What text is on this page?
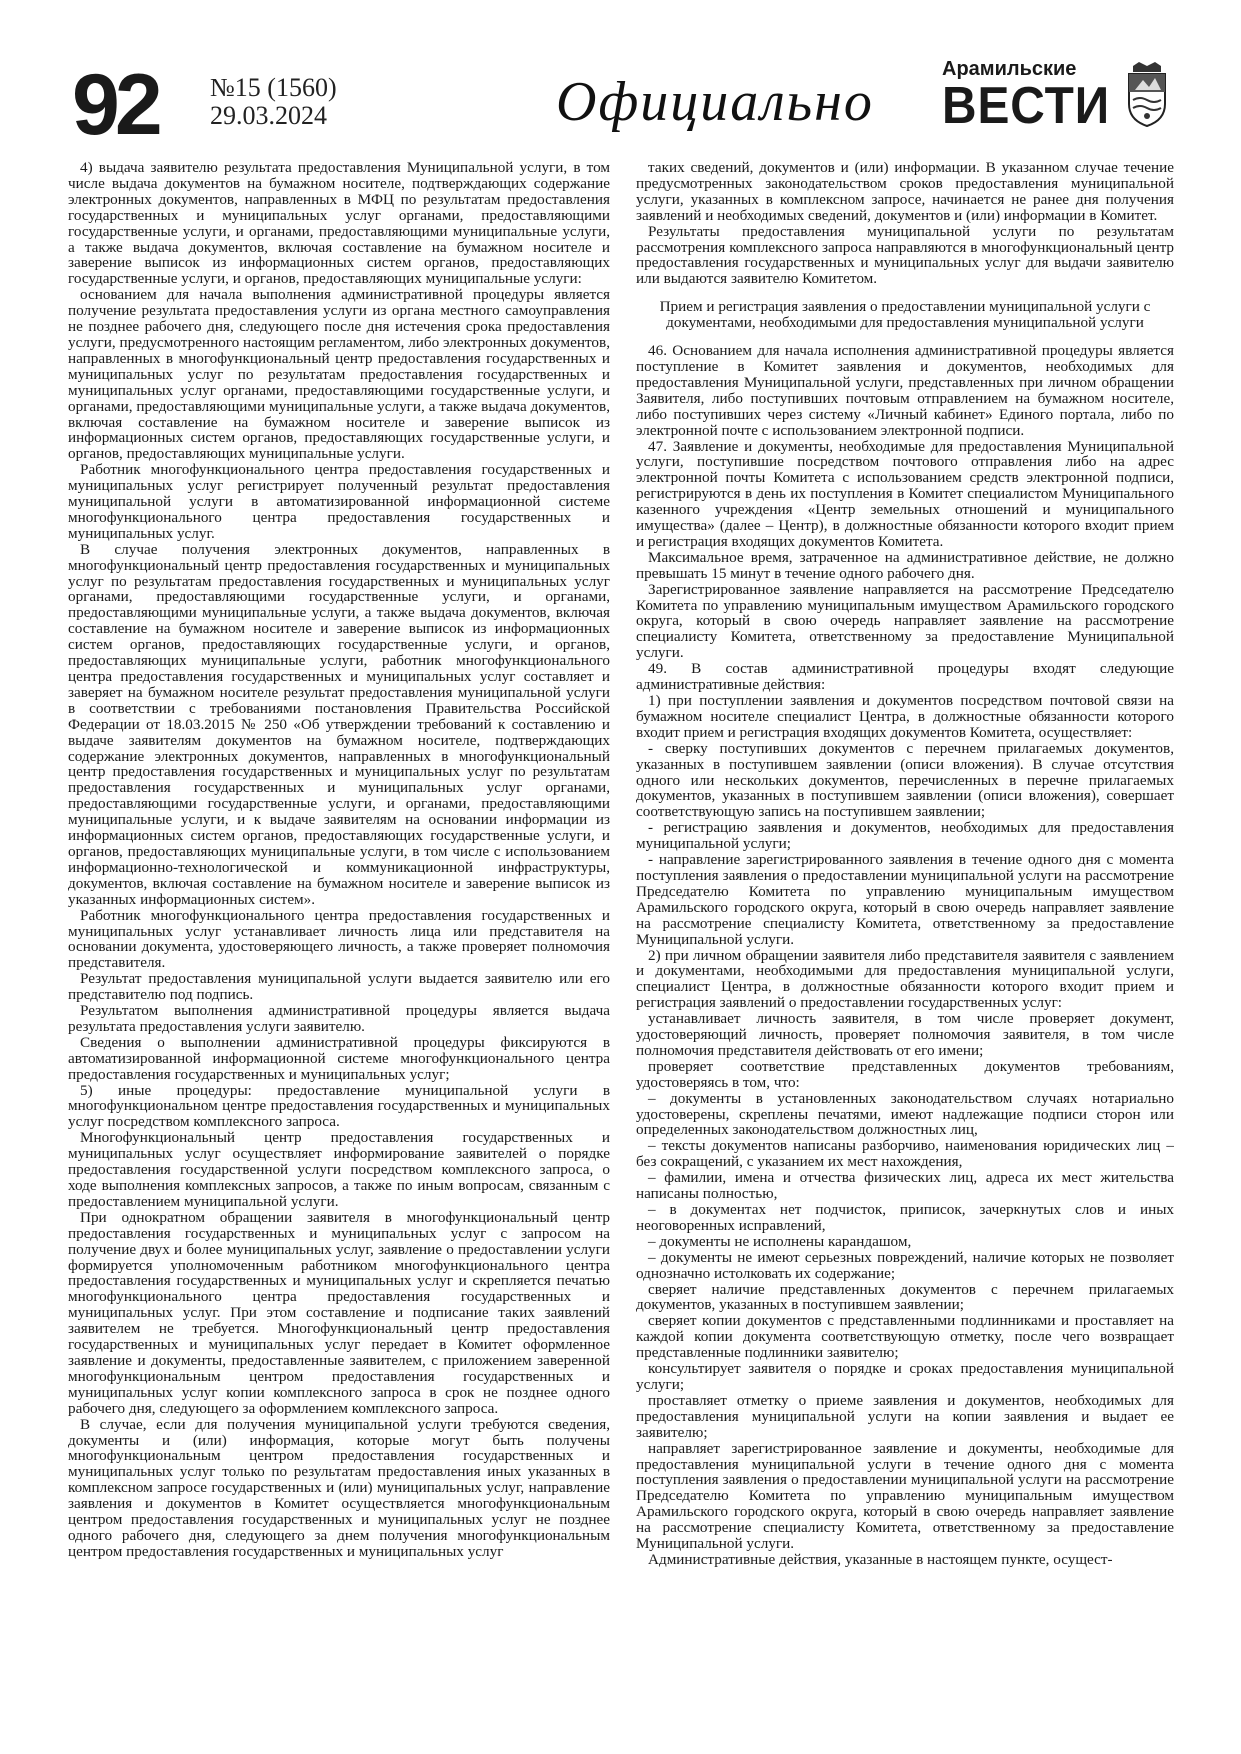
92 №15 (1560)
29.03.2024	Официально
Арамильские
ВЕСТИ

4) выдача заявителю результата предоставления Муниципальной услуги, в том числе выдача документов на бумажном носителе, подтверждающих содержание электронных документов, направленных в МФЦ по результатам предоставления государственных и муниципальных услуг органами, предоставляющими государственные услуги, и органами, предоставляющими муниципальные услуги, а также выдача документов, включая составление на бумажном носителе и заверение выписок из информационных систем органов, предоставляющих государственные услуги, и органов, предоставляющих муниципальные услуги:

основанием для начала выполнения административной процедуры является получение результата предоставления услуги из органа местного самоуправления не позднее рабочего дня, следующего после дня истечения срока предоставления услуги, предусмотренного настоящим регламентом, либо электронных документов, направленных в многофункциональный центр предоставления государственных и муниципальных услуг по результатам предоставления государственных и муниципальных услуг органами, предоставляющими государственные услуги, и органами, предоставляющими муниципальные услуги, а также выдача документов, включая составление на бумажном носителе и заверение выписок из информационных систем органов, предоставляющих государственные услуги, и органов, предоставляющих муниципальные услуги.

Работник многофункционального центра предоставления государственных и муниципальных услуг регистрирует полученный результат предоставления муниципальной услуги в автоматизированной информационной системе многофункционального центра предоставления государственных и муниципальных услуг.

В случае получения электронных документов, направленных в многофункциональный центр предоставления государственных и муниципальных услуг по результатам предоставления государственных и муниципальных услуг органами, предоставляющими государственные услуги, и органами, предоставляющими муниципальные услуги, а также выдача документов, включая составление на бумажном носителе и заверение выписок из информационных систем органов, предоставляющих государственные услуги, и органов, предоставляющих муниципальные услуги, работник многофункционального центра предоставления государственных и муниципальных услуг составляет и заверяет на бумажном носителе результат предоставления муниципальной услуги в соответствии с требованиями постановления Правительства Российской Федерации от 18.03.2015 № 250 «Об утверждении требований к составлению и выдаче заявителям документов на бумажном носителе, подтверждающих содержание электронных документов, направленных в многофункциональный центр предоставления государственных и муниципальных услуг по результатам предоставления государственных и муниципальных услуг органами, предоставляющими государственные услуги, и органами, предоставляющими муниципальные услуги, и к выдаче заявителям на основании информации из информационных систем органов, предоставляющих государственные услуги, и органов, предоставляющих муниципальные услуги, в том числе с использованием информационно-технологической и коммуникационной инфраструктуры, документов, включая составление на бумажном носителе и заверение выписок из указанных информационных систем».

Работник многофункционального центра предоставления государственных и муниципальных услуг устанавливает личность лица или представителя на основании документа, удостоверяющего личность, а также проверяет полномочия представителя.

Результат предоставления муниципальной услуги выдается заявителю или его представителю под подпись.

Результатом выполнения административной процедуры является выдача результата предоставления услуги заявителю.

Сведения о выполнении административной процедуры фиксируются в автоматизированной информационной системе многофункционального центра предоставления государственных и муниципальных услуг;

5) иные процедуры: предоставление муниципальной услуги в многофункциональном центре предоставления государственных и муниципальных услуг посредством комплексного запроса.

Многофункциональный центр предоставления государственных и муниципальных услуг осуществляет информирование заявителей о порядке предоставления государственной услуги посредством комплексного запроса, о ходе выполнения комплексных запросов, а также по иным вопросам, связанным с предоставлением муниципальной услуги.

При однократном обращении заявителя в многофункциональный центр предоставления государственных и муниципальных услуг с запросом на получение двух и более муниципальных услуг, заявление о предоставлении услуги формируется уполномоченным работником многофункционального центра предоставления государственных и муниципальных услуг и скрепляется печатью многофункционального центра предоставления государственных и муниципальных услуг. При этом составление и подписание таких заявлений заявителем не требуется. Многофункциональный центр предоставления государственных и муниципальных услуг передает в Комитет оформленное заявление и документы, предоставленные заявителем, с приложением заверенной многофункциональным центром предоставления государственных и муниципальных услуг копии комплексного запроса в срок не позднее одного рабочего дня, следующего за оформлением комплексного запроса.

В случае, если для получения муниципальной услуги требуются сведения, документы и (или) информация, которые могут быть получены многофункциональным центром предоставления государственных и муниципальных услуг только по результатам предоставления иных указанных в комплексном запросе государственных и (или) муниципальных услуг, направление заявления и документов в Комитет осуществляется многофункциональным центром предоставления государственных и муниципальных услуг не позднее одного рабочего дня, следующего за днем получения многофункциональным центром предоставления государственных и муниципальных услуг

таких сведений, документов и (или) информации. В указанном случае течение предусмотренных законодательством сроков предоставления муниципальной услуги, указанных в комплексном запросе, начинается не ранее дня получения заявлений и необходимых сведений, документов и (или) информации в Комитет.

Результаты предоставления муниципальной услуги по результатам рассмотрения комплексного запроса направляются в многофункциональный центр предоставления государственных и муниципальных услуг для выдачи заявителю или выдаются заявителю Комитетом.

Прием и регистрация заявления о предоставлении муниципальной услуги с документами, необходимыми для предоставления муниципальной услуги

46. Основанием для начала исполнения административной процедуры является поступление в Комитет заявления и документов, необходимых для предоставления Муниципальной услуги, представленных при личном обращении Заявителя, либо поступивших почтовым отправлением на бумажном носителе, либо поступивших через систему «Личный кабинет» Единого портала, либо по электронной почте с использованием электронной подписи.

47. Заявление и документы, необходимые для предоставления Муниципальной услуги, поступившие посредством почтового отправления либо на адрес электронной почты Комитета с использованием средств электронной подписи, регистрируются в день их поступления в Комитет специалистом Муниципального казенного учреждения «Центр земельных отношений и муниципального имущества» (далее – Центр), в должностные обязанности которого входит прием и регистрация входящих документов Комитета.

Максимальное время, затраченное на административное действие, не должно превышать 15 минут в течение одного рабочего дня.

Зарегистрированное заявление направляется на рассмотрение Председателю Комитета по управлению муниципальным имуществом Арамильского городского округа, который в свою очередь направляет заявление на рассмотрение специалисту Комитета, ответственному за предоставление Муниципальной услуги.

49. В состав административной процедуры входят следующие административные действия:

1) при поступлении заявления и документов посредством почтовой связи на бумажном носителе специалист Центра, в должностные обязанности которого входит прием и регистрация входящих документов Комитета, осуществляет:

- сверку поступивших документов с перечнем прилагаемых документов, указанных в поступившем заявлении (описи вложения). В случае отсутствия одного или нескольких документов, перечисленных в перечне прилагаемых документов, указанных в поступившем заявлении (описи вложения), совершает соответствующую запись на поступившем заявлении;

- регистрацию заявления и документов, необходимых для предоставления муниципальной услуги;

- направление зарегистрированного заявления в течение одного дня с момента поступления заявления о предоставлении муниципальной услуги на рассмотрение Председателю Комитета по управлению муниципальным имуществом Арамильского городского округа, который в свою очередь направляет заявление на рассмотрение специалисту Комитета, ответственному за предоставление Муниципальной услуги.

2) при личном обращении заявителя либо представителя заявителя с заявлением и документами, необходимыми для предоставления муниципальной услуги, специалист Центра, в должностные обязанности которого входит прием и регистрация заявлений о предоставлении государственных услуг:

устанавливает личность заявителя, в том числе проверяет документ, удостоверяющий личность, проверяет полномочия заявителя, в том числе полномочия представителя действовать от его имени;

проверяет соответствие представленных документов требованиям, удостоверяясь в том, что:

– документы в установленных законодательством случаях нотариально удостоверены, скреплены печатями, имеют надлежащие подписи сторон или определенных законодательством должностных лиц,

– тексты документов написаны разборчиво, наименования юридических лиц – без сокращений, с указанием их мест нахождения,

– фамилии, имена и отчества физических лиц, адреса их мест жительства написаны полностью,

– в документах нет подчисток, приписок, зачеркнутых слов и иных неоговоренных исправлений,

– документы не исполнены карандашом,

– документы не имеют серьезных повреждений, наличие которых не позволяет однозначно истолковать их содержание;

сверяет наличие представленных документов с перечнем прилагаемых документов, указанных в поступившем заявлении;

сверяет копии документов с представленными подлинниками и проставляет на каждой копии документа соответствующую отметку, после чего возвращает представленные подлинники заявителю;

консультирует заявителя о порядке и сроках предоставления муниципальной услуги;

проставляет отметку о приеме заявления и документов, необходимых для предоставления муниципальной услуги на копии заявления и выдает ее заявителю;

направляет зарегистрированное заявление и документы, необходимые для предоставления муниципальной услуги в течение одного дня с момента поступления заявления о предоставлении муниципальной услуги на рассмотрение Председателю Комитета по управлению муниципальным имуществом Арамильского городского округа, который в свою очередь направляет заявление на рассмотрение специалисту Комитета, ответственному за предоставление Муниципальной услуги.

Административные действия, указанные в настоящем пункте, осущест-
